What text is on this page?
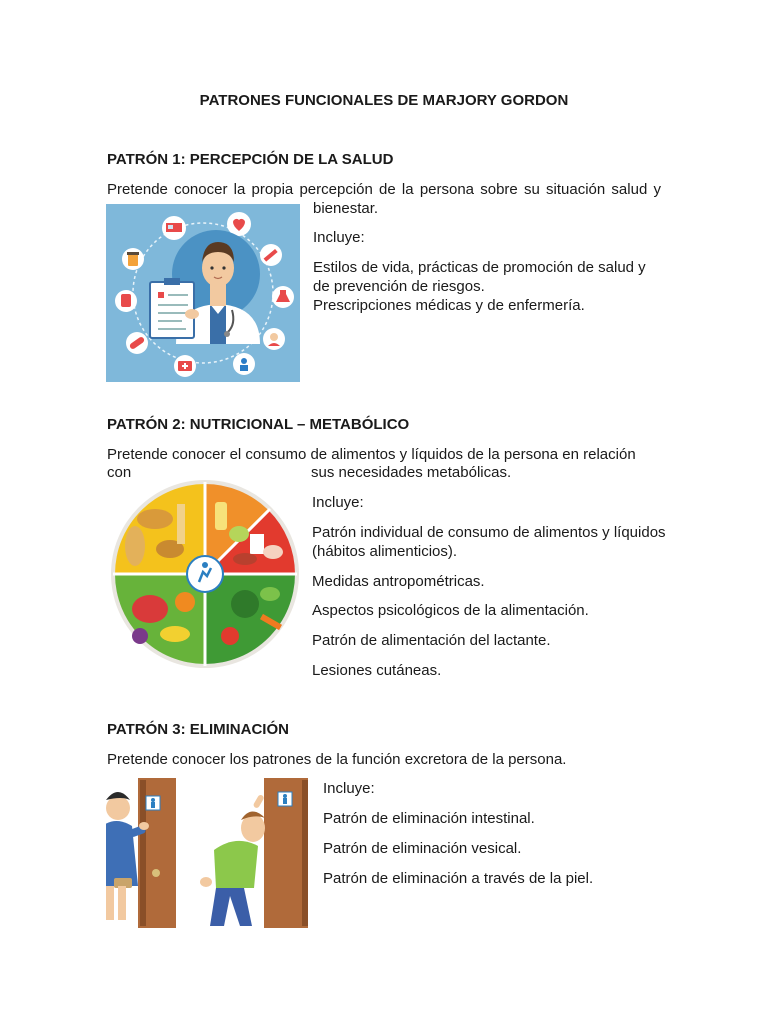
PATRONES FUNCIONALES DE MARJORY GORDON
PATRÓN 1: PERCEPCIÓN DE LA SALUD

Pretende conocer la propia percepción de la persona sobre su situación salud y

bienestar.

Incluye:

Estilos de vida, prácticas de promoción de salud y

de prevención de riesgos.

Prescripciones médicas y de enfermería.

PATRÓN 2: NUTRICIONAL – METABÓLICO

Pretende conocer el consumo de alimentos y líquidos de la persona en relación con	sus necesidades metabólicas.

Incluye:

Patrón individual de consumo de alimentos y líquidos

(hábitos alimenticios).

Medidas antropométricas.

Aspectos psicológicos de la alimentación.

Patrón de alimentación del lactante.

Lesiones cutáneas.

PATRÓN 3: ELIMINACIÓN

Pretende conocer los patrones de la función excretora de la persona.

Incluye:

Patrón de eliminación intestinal.

Patrón de eliminación vesical.

Patrón de eliminación a través de la piel.
